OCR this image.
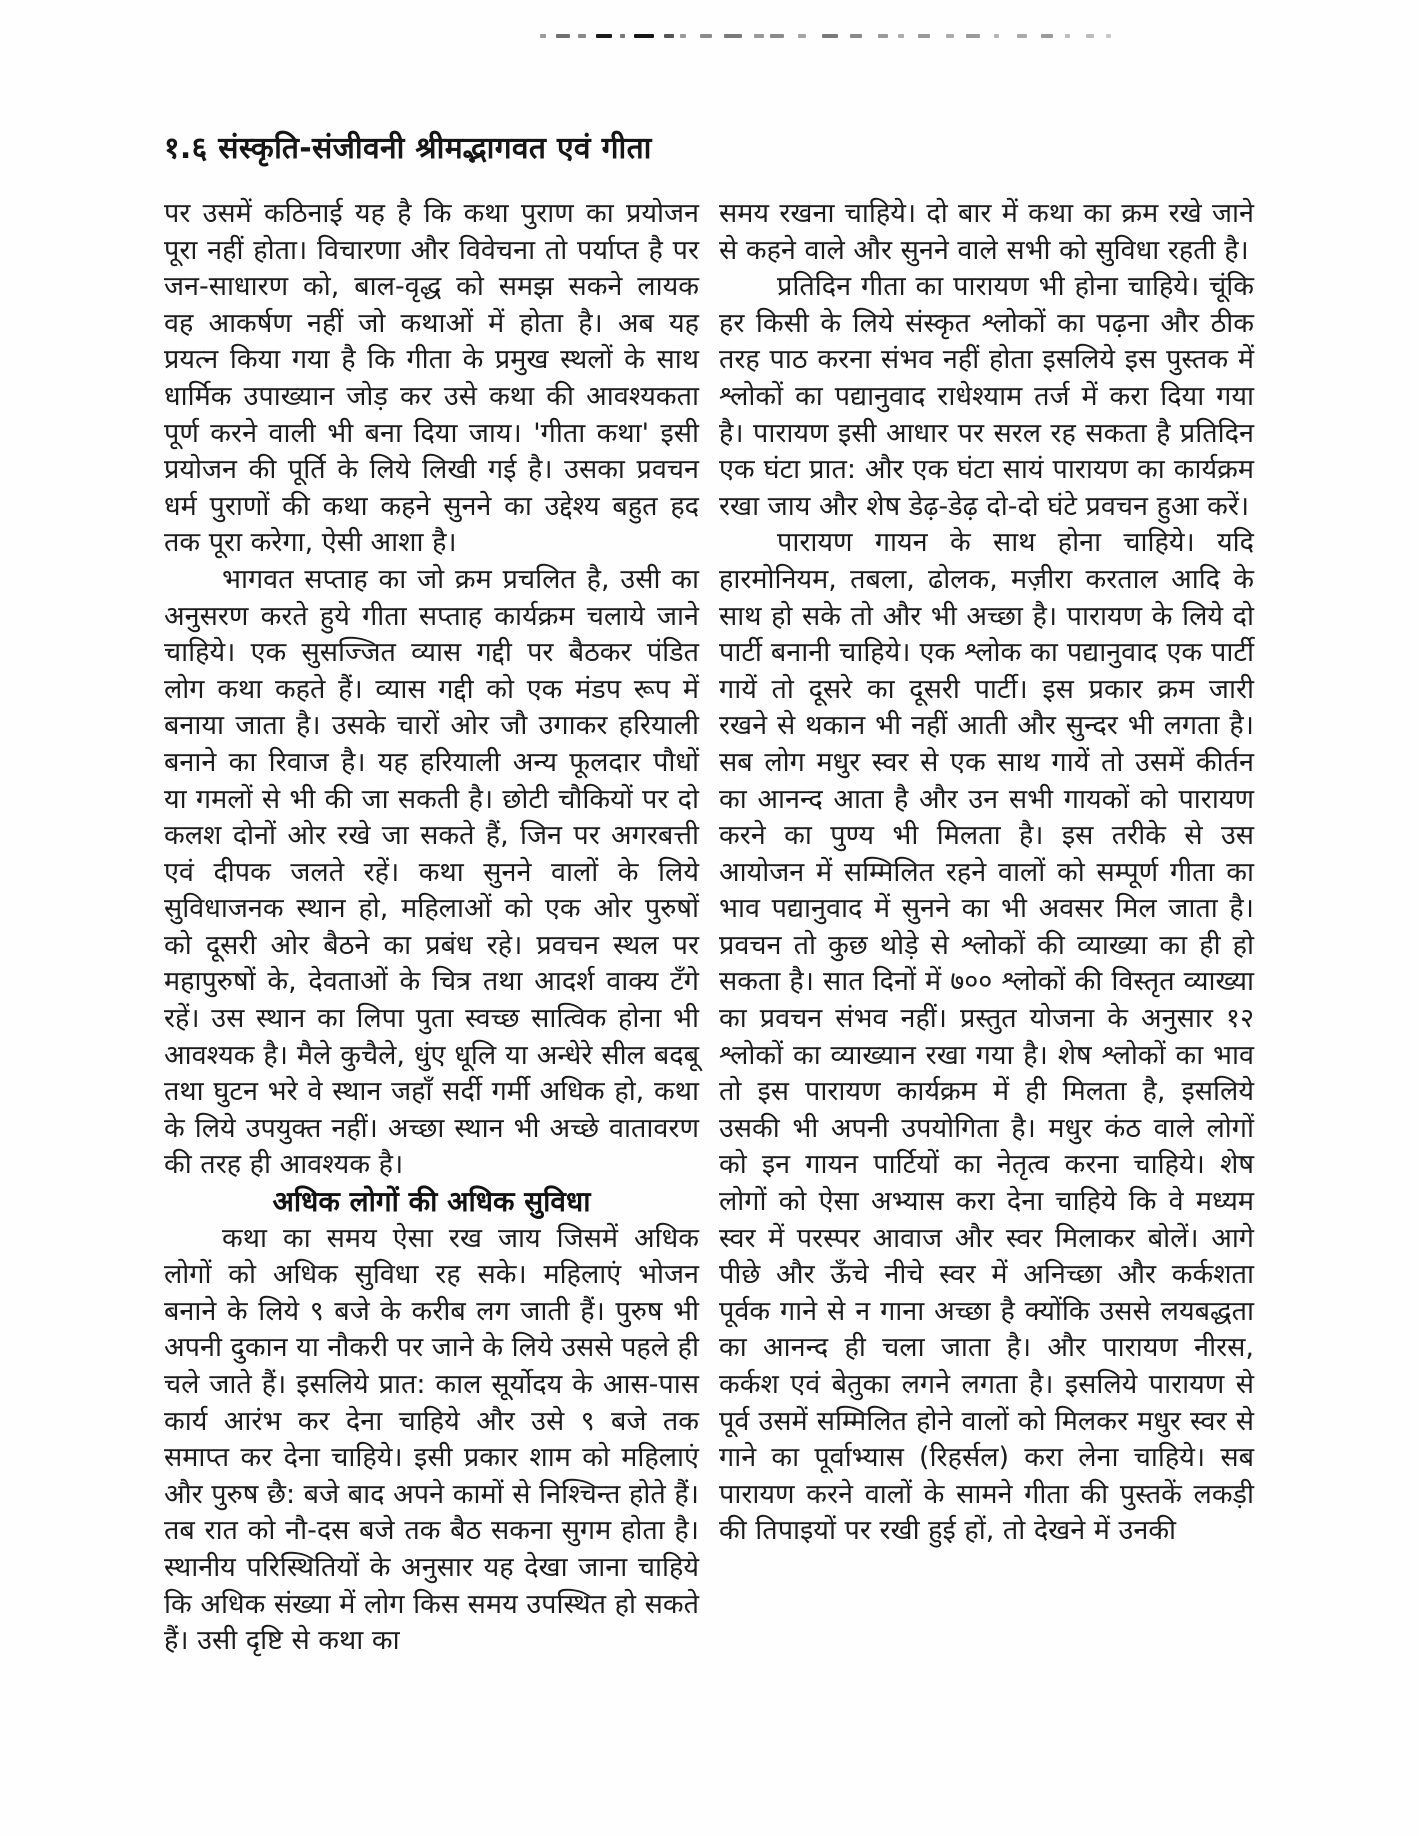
१.६ संस्कृति-संजीवनी श्रीमद्भागवत एवं गीता
पर उसमें कठिनाई यह है कि कथा पुराण का प्रयोजन पूरा नहीं होता। विचारणा और विवेचना तो पर्याप्त है पर जन-साधारण को, बाल-वृद्ध को समझ सकने लायक वह आकर्षण नहीं जो कथाओं में होता है। अब यह प्रयत्न किया गया है कि गीता के प्रमुख स्थलों के साथ धार्मिक उपाख्यान जोड़ कर उसे कथा की आवश्यकता पूर्ण करने वाली भी बना दिया जाय। 'गीता कथा' इसी प्रयोजन की पूर्ति के लिये लिखी गई है। उसका प्रवचन धर्म पुराणों की कथा कहने सुनने का उद्देश्य बहुत हद तक पूरा करेगा, ऐसी आशा है।
भागवत सप्ताह का जो क्रम प्रचलित है, उसी का अनुसरण करते हुये गीता सप्ताह कार्यक्रम चलाये जाने चाहिये। एक सुसज्जित व्यास गद्दी पर बैठकर पंडित लोग कथा कहते हैं। व्यास गद्दी को एक मंडप रूप में बनाया जाता है। उसके चारों ओर जौ उगाकर हरियाली बनाने का रिवाज है। यह हरियाली अन्य फूलदार पौधों या गमलों से भी की जा सकती है। छोटी चौकियों पर दो कलश दोनों ओर रखे जा सकते हैं, जिन पर अगरबत्ती एवं दीपक जलते रहें। कथा सुनने वालों के लिये सुविधाजनक स्थान हो, महिलाओं को एक ओर पुरुषों को दूसरी ओर बैठने का प्रबंध रहे। प्रवचन स्थल पर महापुरुषों के, देवताओं के चित्र तथा आदर्श वाक्य टँगे रहें। उस स्थान का लिपा पुता स्वच्छ सात्विक होना भी आवश्यक है। मैले कुचैले, धुंए धूलि या अन्धेरे सील बदबू तथा घुटन भरे वे स्थान जहाँ सर्दी गर्मी अधिक हो, कथा के लिये उपयुक्त नहीं। अच्छा स्थान भी अच्छे वातावरण की तरह ही आवश्यक है।
अधिक लोगों की अधिक सुविधा
कथा का समय ऐसा रख जाय जिसमें अधिक लोगों को अधिक सुविधा रह सके। महिलाएं भोजन बनाने के लिये ९ बजे के करीब लग जाती हैं। पुरुष भी अपनी दुकान या नौकरी पर जाने के लिये उससे पहले ही चले जाते हैं। इसलिये प्रात: काल सूर्योदय के आस-पास कार्य आरंभ कर देना चाहिये और उसे ९ बजे तक समाप्त कर देना चाहिये। इसी प्रकार शाम को महिलाएं और पुरुष छै: बजे बाद अपने कामों से निश्चिन्त होते हैं। तब रात को नौ-दस बजे तक बैठ सकना सुगम होता है। स्थानीय परिस्थितियों के अनुसार यह देखा जाना चाहिये कि अधिक संख्या में लोग किस समय उपस्थित हो सकते हैं। उसी दृष्टि से कथा का
समय रखना चाहिये। दो बार में कथा का क्रम रखे जाने से कहने वाले और सुनने वाले सभी को सुविधा रहती है।
प्रतिदिन गीता का पारायण भी होना चाहिये। चूंकि हर किसी के लिये संस्कृत श्लोकों का पढ़ना और ठीक तरह पाठ करना संभव नहीं होता इसलिये इस पुस्तक में श्लोकों का पद्यानुवाद राधेश्याम तर्ज में करा दिया गया है। पारायण इसी आधार पर सरल रह सकता है प्रतिदिन एक घंटा प्रात: और एक घंटा सायं पारायण का कार्यक्रम रखा जाय और शेष डेढ़-डेढ़ दो-दो घंटे प्रवचन हुआ करें।
पारायण गायन के साथ होना चाहिये। यदि हारमोनियम, तबला, ढोलक, मज़ीरा करताल आदि के साथ हो सके तो और भी अच्छा है। पारायण के लिये दो पार्टी बनानी चाहिये। एक श्लोक का पद्यानुवाद एक पार्टी गायें तो दूसरे का दूसरी पार्टी। इस प्रकार क्रम जारी रखने से थकान भी नहीं आती और सुन्दर भी लगता है। सब लोग मधुर स्वर से एक साथ गायें तो उसमें कीर्तन का आनन्द आता है और उन सभी गायकों को पारायण करने का पुण्य भी मिलता है। इस तरीके से उस आयोजन में सम्मिलित रहने वालों को सम्पूर्ण गीता का भाव पद्यानुवाद में सुनने का भी अवसर मिल जाता है। प्रवचन तो कुछ थोड़े से श्लोकों की व्याख्या का ही हो सकता है। सात दिनों में ७०० श्लोकों की विस्तृत व्याख्या का प्रवचन संभव नहीं। प्रस्तुत योजना के अनुसार १२ श्लोकों का व्याख्यान रखा गया है। शेष श्लोकों का भाव तो इस पारायण कार्यक्रम में ही मिलता है, इसलिये उसकी भी अपनी उपयोगिता है। मधुर कंठ वाले लोगों को इन गायन पार्टियों का नेतृत्व करना चाहिये। शेष लोगों को ऐसा अभ्यास करा देना चाहिये कि वे मध्यम स्वर में परस्पर आवाज और स्वर मिलाकर बोलें। आगे पीछे और ऊँचे नीचे स्वर में अनिच्छा और कर्कशता पूर्वक गाने से न गाना अच्छा है क्योंकि उससे लयबद्धता का आनन्द ही चला जाता है। और पारायण नीरस, कर्कश एवं बेतुका लगने लगता है। इसलिये पारायण से पूर्व उसमें सम्मिलित होने वालों को मिलकर मधुर स्वर से गाने का पूर्वाभ्यास (रिहर्सल) करा लेना चाहिये। सब पारायण करने वालों के सामने गीता की पुस्तकें लकड़ी की तिपाइयों पर रखी हुई हों, तो देखने में उनकी
